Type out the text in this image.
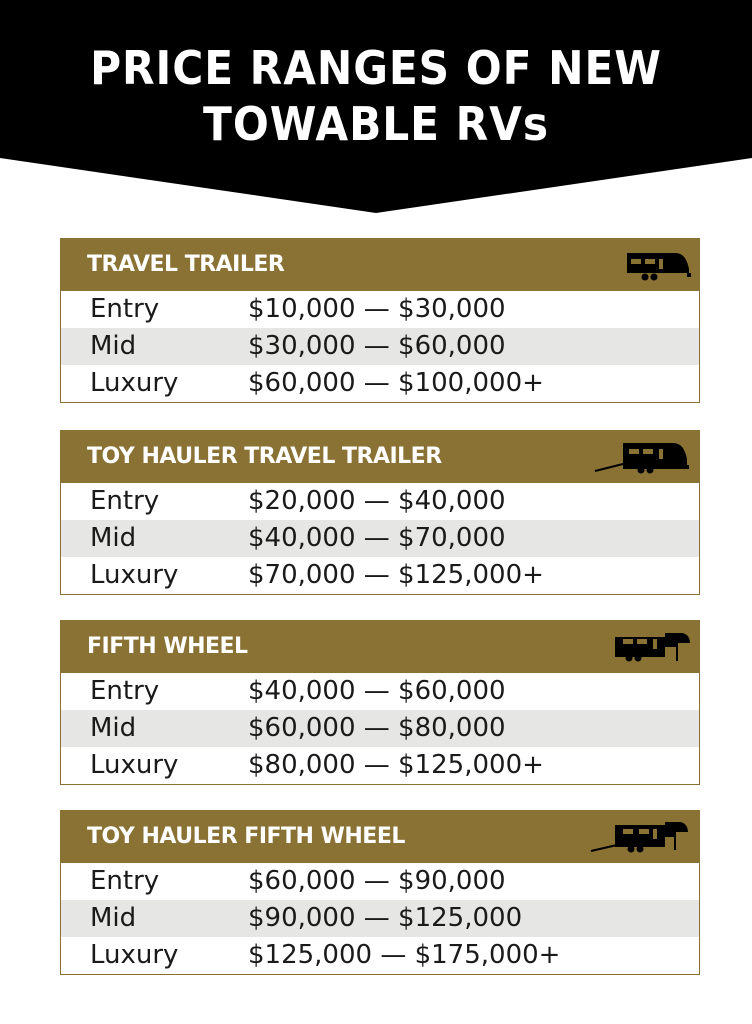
PRICE RANGES OF NEW
TOWABLE RVs
TRAVEL TRAILER
Entry	$10,000 — $30,000
Mid	$30,000 — $60,000
Luxury	$60,000 — $100,000+
TOY HAULER TRAVEL TRAILER
Entry	$20,000 — $40,000
Mid	$40,000 — $70,000
Luxury	$70,000 — $125,000+
FIFTH WHEEL
Entry	$40,000 — $60,000
Mid	$60,000 — $80,000
Luxury	$80,000 — $125,000+
TOY HAULER FIFTH WHEEL
Entry	$60,000 — $90,000
Mid	$90,000 — $125,000
Luxury	$125,000 — $175,000+
